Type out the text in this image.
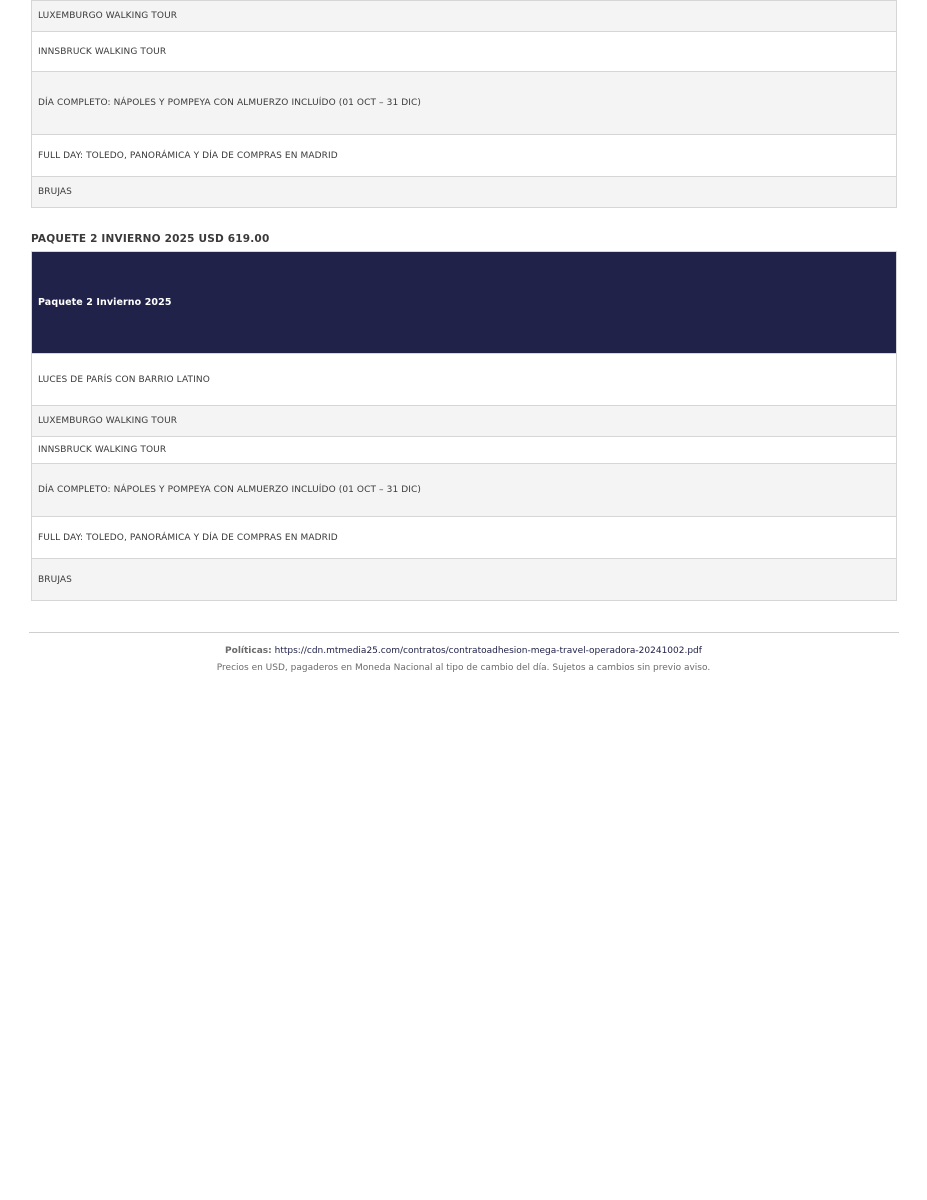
LUXEMBURGO WALKING TOUR
INNSBRUCK WALKING TOUR
DÍA COMPLETO: NÁPOLES Y POMPEYA CON ALMUERZO INCLUÍDO (01 OCT – 31 DIC)
FULL DAY: TOLEDO, PANORÁMICA Y DÍA DE COMPRAS EN MADRID
BRUJAS
PAQUETE 2 INVIERNO 2025 USD 619.00
Paquete 2 Invierno 2025
LUCES DE PARÍS CON BARRIO LATINO
LUXEMBURGO WALKING TOUR
INNSBRUCK WALKING TOUR
DÍA COMPLETO: NÁPOLES Y POMPEYA CON ALMUERZO INCLUÍDO (01 OCT – 31 DIC)
FULL DAY: TOLEDO, PANORÁMICA Y DÍA DE COMPRAS EN MADRID
BRUJAS
Políticas: https://cdn.mtmedia25.com/contratos/contratoadhesion-mega-travel-operadora-20241002.pdf
Precios en USD, pagaderos en Moneda Nacional al tipo de cambio del día. Sujetos a cambios sin previo aviso.
